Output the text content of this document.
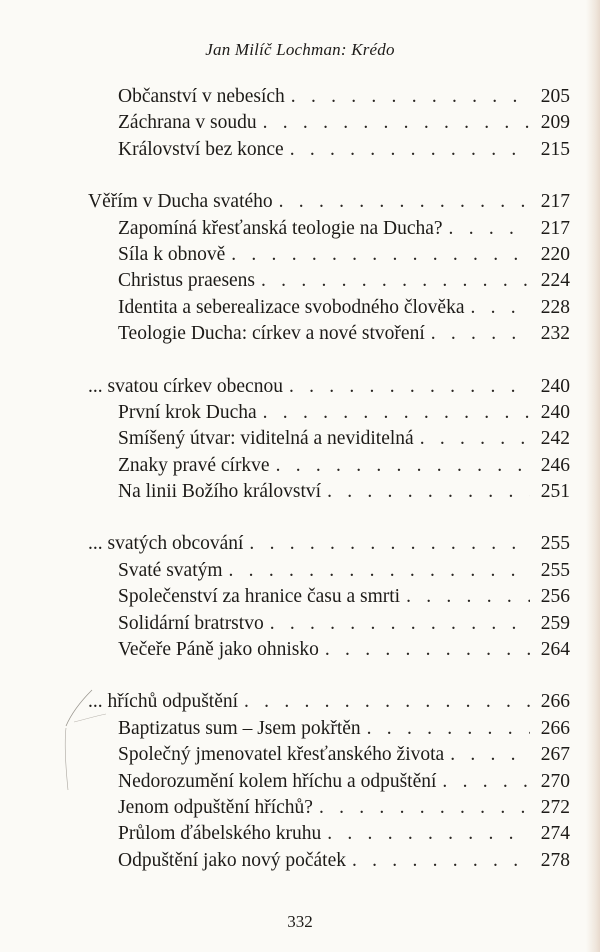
Jan Milíč Lochman: Krédo
Občanství v nebesích . . .	205
Záchrana v soudu . . .	209
Království bez konce . . .	215
Věřím v Ducha svatého . . .	217
Zapomíná křesťanská teologie na Ducha? . . .	217
Síla k obnově . . .	220
Christus praesens . . .	224
Identita a seberealizace svobodného člověka . . .	228
Teologie Ducha: církev a nové stvoření . . .	232
... svatou církev obecnou . . .	240
První krok Ducha . . .	240
Smíšený útvar: viditelná a neviditelná . . .	242
Znaky pravé církve . . .	246
Na linii Božího království . . .	251
... svatých obcování . . .	255
Svaté svatým . . .	255
Společenství za hranice času a smrti . . .	256
Solidární bratrstvo . . .	259
Večeře Páně jako ohnisko . . .	264
... hříchů odpuštění . . .	266
Baptizatus sum – Jsem pokřtěn . . .	266
Společný jmenovatel křesťanského života . . .	267
Nedorozumění kolem hříchu a odpuštění . . .	270
Jenom odpuštění hříchů? . . .	272
Průlom ďábelského kruhu . . .	274
Odpuštění jako nový počátek . . .	278
332
